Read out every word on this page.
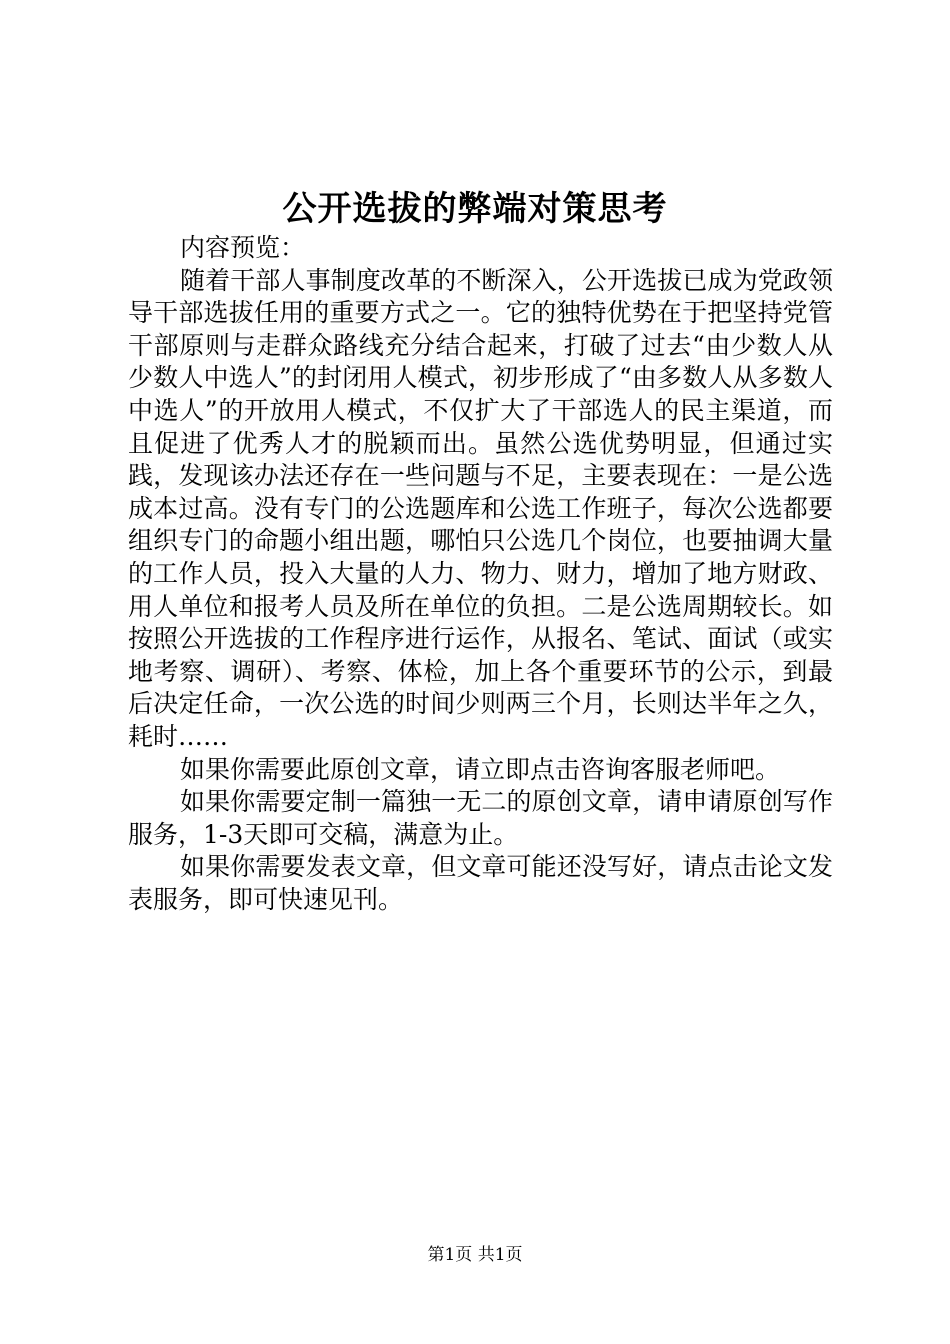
公开选拔的弊端对策思考

内容预览：

随着干部人事制度改革的不断深入，公开选拔已成为党政领导干部选拔任用的重要方式之一。它的独特优势在于把坚持党管干部原则与走群众路线充分结合起来，打破了过去“由少数人从少数人中选人”的封闭用人模式，初步形成了“由多数人从多数人中选人”的开放用人模式，不仅扩大了干部选人的民主渠道，而且促进了优秀人才的脱颖而出。虽然公选优势明显，但通过实践，发现该办法还存在一些问题与不足，主要表现在：一是公选成本过高。没有专门的公选题库和公选工作班子，每次公选都要组织专门的命题小组出题，哪怕只公选几个岗位，也要抽调大量的工作人员，投入大量的人力、物力、财力，增加了地方财政、用人单位和报考人员及所在单位的负担。二是公选周期较长。如按照公开选拔的工作程序进行运作，从报名、笔试、面试（或实地考察、调研）、考察、体检，加上各个重要环节的公示，到最后决定任命，一次公选的时间少则两三个月，长则达半年之久，耗时……

如果你需要此原创文章，请立即点击咨询客服老师吧。

如果你需要定制一篇独一无二的原创文章，请申请原创写作服务，1-3天即可交稿，满意为止。

如果你需要发表文章，但文章可能还没写好，请点击论文发表服务，即可快速见刊。

第1页 共1页
